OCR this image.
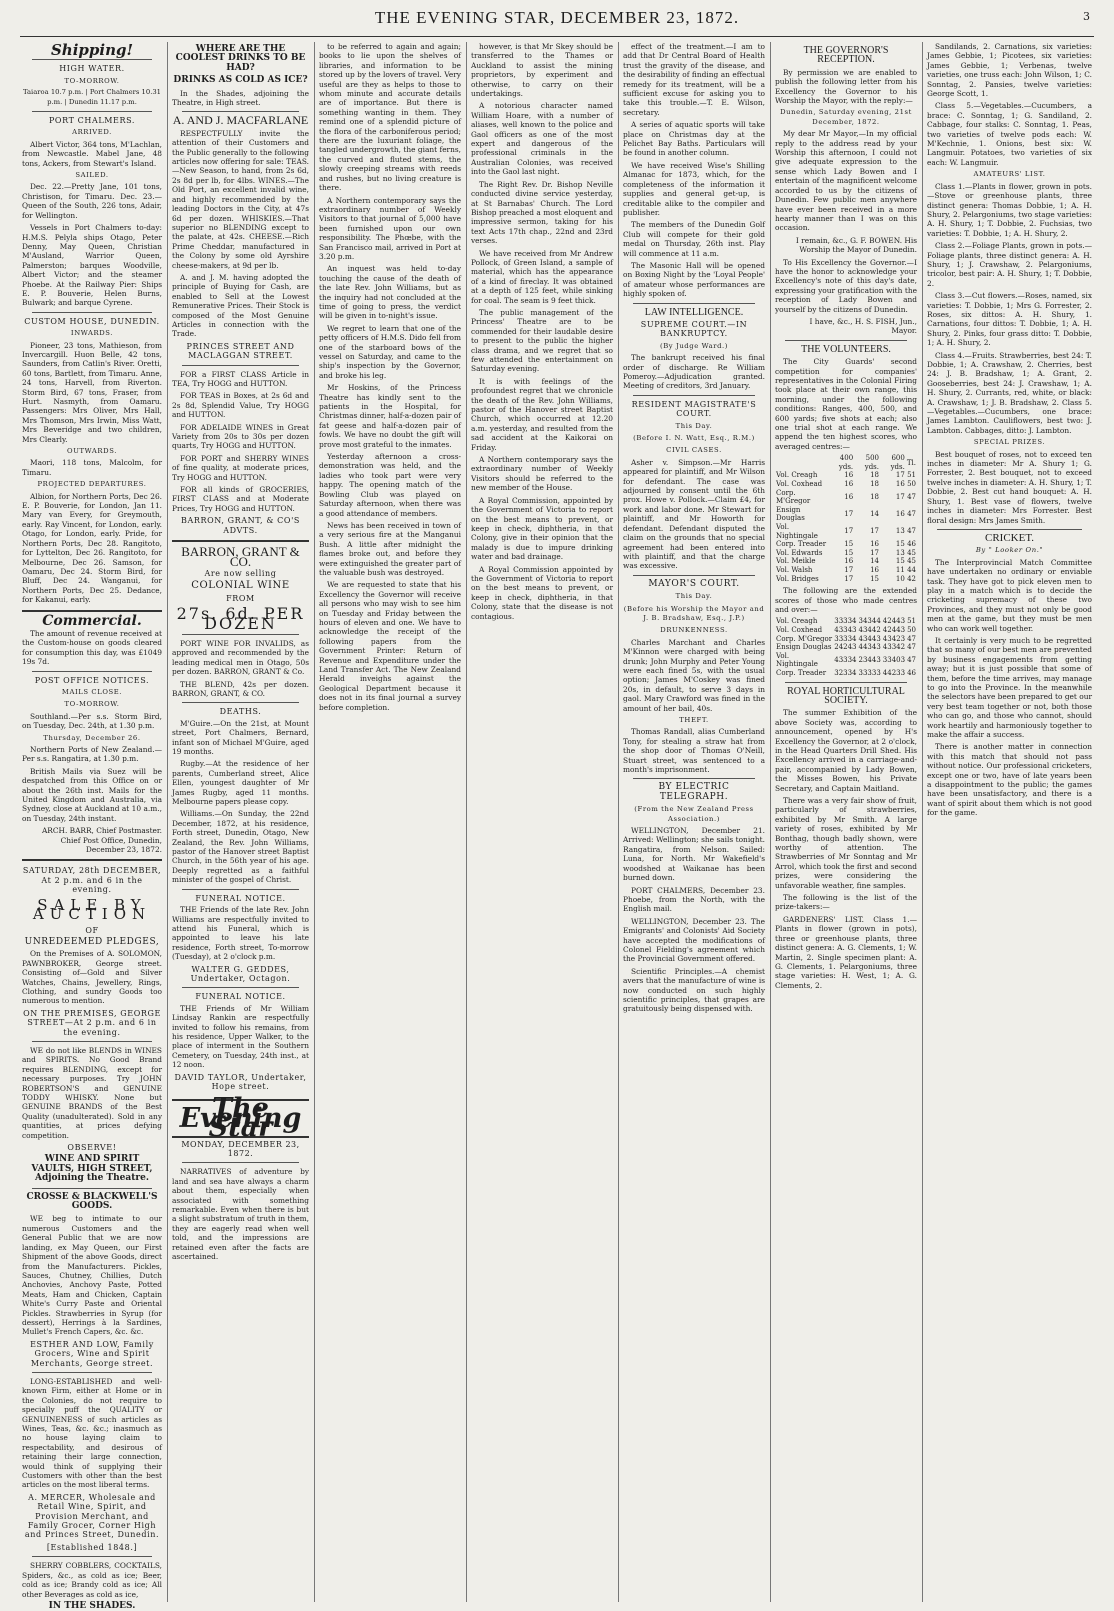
THE EVENING STAR, DECEMBER 23, 1872.	3
Shipping!
HIGH WATER.
TO-MORROW.

Taiaroa 10.7 p.m. | Port Chalmers 10.31 p.m. | Dunedin 11.17 p.m.

PORT CHALMERS.
ARRIVED.

Albert Victor, 364 tons, M'Lachlan, from Newcastle. Mabel Jane, 48 tons, Ackers, from Stewart's Island.

SAILED.

Dec. 22.—Pretty Jane, 101 tons, Christison, for Timaru. Dec. 23.—Queen of the South, 226 tons, Adair, for Wellington.

Vessels in Port Chalmers to-day: H.M.S. Pelyla ships Otago, Peter Denny, May Queen, Christian M'Ausland, Warrior Queen, Palmerston; barques Woodville, Albert Victor; and the steamer Phoebe. At the Railway Pier: Ships E. P. Bouverie, Helen Burns, Bulwark; and barque Cyrene.

CUSTOM HOUSE, DUNEDIN.
INWARDS.

Pioneer, 23 tons, Mathieson, from Invercargill. Huon Belle, 42 tons, Saunders, from Catlin's River. Oretti, 60 tons, Bartlett, from Timaru. Anne, 24 tons, Harvell, from Riverton. Storm Bird, 67 tons, Fraser, from Hurt. Nasmyth, from Oamaru. Passengers: Mrs Oliver, Mrs Hall, Mrs Thomson, Mrs Irwin, Miss Watt, Mrs Beveridge and two children, Mrs Clearly.

OUTWARDS.

Maori, 118 tons, Malcolm, for Timaru.

PROJECTED DEPARTURES.

Albion, for Northern Ports, Dec 26. E. P. Bouverie, for London, Jan 11. Mary van Every, for Greymouth, early. Ray Vincent, for London, early. Otago, for London, early. Pride, for Northern Ports, Dec 28. Rangitoto, for Lyttelton, Dec 26. Rangitoto, for Melbourne, Dec 26. Samson, for Oamaru, Dec 24. Storm Bird, for Bluff, Dec 24. Wanganui, for Northern Ports, Dec 25. Dedance, for Kakanui, early.

Commercial.

The amount of revenue received at the Custom-house on goods cleared for consumption this day, was £1049 19s 7d.

POST OFFICE NOTICES.
MAILS CLOSE.
TO-MORROW.

Southland.—Per s.s. Storm Bird, on Tuesday, Dec. 24th, at 1.30 p.m.

Thursday, December 26.

Northern Ports of New Zealand.—Per s.s. Rangatira, at 1.30 p.m.

British Mails via Suez will be despatched from this Office on or about the 26th inst. Mails for the United Kingdom and Australia, via Sydney, close at Auckland at 10 a.m., on Tuesday, 24th instant.

ARCH. BARR, Chief Postmaster. Chief Post Office, Dunedin, December 23, 1872.

SATURDAY, 28th DECEMBER, At 2 p.m. and 6 in the evening.
SALE BY AUCTION
OF
UNREDEEMED PLEDGES,

On the Premises of A. SOLOMON, PAWNBROKER, George street. Consisting of—Gold and Silver Watches, Chains, Jewellery, Rings, Clothing, and sundry Goods too numerous to mention.

ON THE PREMISES, GEORGE STREET—At 2 p.m. and 6 in the evening.

WE do not like BLENDS in WINES and SPIRITS. No Good Brand requires BLENDING, except for necessary purposes. Try JOHN ROBERTSON'S and GENUINE TODDY WHISKY. None but GENUINE BRANDS of the Best Quality (unadulterated). Sold in any quantities, at prices defying competition.

OBSERVE!
WINE AND SPIRIT VAULTS, HIGH STREET, Adjoining the Theatre.
CROSSE & BLACKWELL'S GOODS.

WE beg to intimate to our numerous Customers and the General Public that we are now landing, ex May Queen, our First Shipment of the above Goods, direct from the Manufacturers. Pickles, Sauces, Chutney, Chillies, Dutch Anchovies, Anchovy Paste, Potted Meats, Ham and Chicken, Captain White's Curry Paste and Oriental Pickles. Strawberries in Syrup (for dessert), Herrings à la Sardines, Mullet's French Capers, &c. &c.

ESTHER AND LOW, Family Grocers, Wine and Spirit Merchants, George street.

LONG-ESTABLISHED and well-known Firm, either at Home or in the Colonies, do not require to specially puff the QUALITY or GENUINENESS of such articles as Wines, Teas, &c. &c.; inasmuch as no house laying claim to respectability, and desirous of retaining their large connection, would think of supplying their Customers with other than the best articles on the most liberal terms.

A. MERCER, Wholesale and Retail Wine, Spirit, and Provision Merchant, and Family Grocer, Corner High and Princes Street, Dunedin.
[Established 1848.]

SHERRY COBBLERS, COCKTAILS, Spiders, &c., as cold as ice; Beer, cold as ice; Brandy cold as ice; All other Beverages as cold as ice,

IN THE SHADES.
WHERE ARE THE COOLEST DRINKS TO BE HAD?
DRINKS AS COLD AS ICE?

In the Shades, adjoining the Theatre, in High street.

A. AND J. MACFARLANE

RESPECTFULLY invite the attention of their Customers and the Public generally to the following articles now offering for sale: TEAS.—New Season, to hand, from 2s 6d, 2s 8d per lb, for 4lbs. WINES.—The Old Port, an excellent invalid wine, and highly recommended by the leading Doctors in the City, at 47s 6d per dozen. WHISKIES.—That superior no BLENDING except to the palate, at 42s. CHEESE.—Rich Prime Cheddar, manufactured in the Colony by some old Ayrshire cheese-makers, at 9d per lb.

A. and J. M. having adopted the principle of Buying for Cash, are enabled to Sell at the Lowest Remunerative Prices. Their Stock is composed of the Most Genuine Articles in connection with the Trade.

PRINCES STREET AND MACLAGGAN STREET.

FOR a FIRST CLASS Article in TEA, Try HOGG and HUTTON.

FOR TEAS in Boxes, at 2s 6d and 2s 8d, Splendid Value, Try HOGG and HUTTON.

FOR ADELAIDE WINES in Great Variety from 20s to 30s per dozen quarts, Try HOGG and HUTTON.

FOR PORT and SHERRY WINES of fine quality, at moderate prices, Try HOGG and HUTTON.

FOR all kinds of GROCERIES, FIRST CLASS and at Moderate Prices, Try HOGG and HUTTON.

BARRON, GRANT, & CO'S ADVTS.
BARRON, GRANT & CO.
Are now selling
COLONIAL WINE
FROM
27s. 6d. PER DOZEN

PORT WINE FOR INVALIDS, as approved and recommended by the leading medical men in Otago, 50s per dozen. BARRON, GRANT & Co.

THE BLEND, 42s per dozen. BARRON, GRANT, & CO.

DEATHS.

M'Guire.—On the 21st, at Mount street, Port Chalmers, Bernard, infant son of Michael M'Guire, aged 19 months.

Rugby.—At the residence of her parents, Cumberland street, Alice Ellen, youngest daughter of Mr James Rugby, aged 11 months. Melbourne papers please copy.

Williams.—On Sunday, the 22nd December, 1872, at his residence, Forth street, Dunedin, Otago, New Zealand, the Rev. John Williams, pastor of the Hanover street Baptist Church, in the 56th year of his age. Deeply regretted as a faithful minister of the gospel of Christ.

FUNERAL NOTICE.

THE Friends of the late Rev. John Williams are respectfully invited to attend his Funeral, which is appointed to leave his late residence, Forth street, To-morrow (Tuesday), at 2 o'clock p.m.

WALTER G. GEDDES, Undertaker, Octagon.
FUNERAL NOTICE.

THE Friends of Mr William Lindsay Rankin are respectfully invited to follow his remains, from his residence, Upper Walker, to the place of interment in the Southern Cemetery, on Tuesday, 24th inst., at 12 noon.

DAVID TAYLOR, Undertaker, Hope street.
The Evening Star
MONDAY, DECEMBER 23, 1872.

NARRATIVES of adventure by land and sea have always a charm about them, especially when associated with something remarkable. Even when there is but a slight substratum of truth in them, they are eagerly read when well told, and the impressions are retained even after the facts are ascertained.

to be referred to again and again; books to lie upon the shelves of libraries, and information to be stored up by the lovers of travel. Very useful are they as helps to those to whom minute and accurate details are of importance. But there is something wanting in them. They remind one of a splendid picture of the flora of the carboniferous period; there are the luxuriant foliage, the tangled undergrowth, the giant ferns, the curved and fluted stems, the slowly creeping streams with reeds and rushes, but no living creature is there.

A Northern contemporary says the extraordinary number of Weekly Visitors to that journal of 5,000 have been furnished upon our own responsibility. The Phœbe, with the San Francisco mail, arrived in Port at 3.20 p.m.

An inquest was held to-day touching the cause of the death of the late Rev. John Williams, but as the inquiry had not concluded at the time of going to press, the verdict will be given in to-night's issue.

We regret to learn that one of the petty officers of H.M.S. Dido fell from one of the starboard bows of the vessel on Saturday, and came to the ship's inspection by the Governor, and broke his leg.

Mr Hoskins, of the Princess Theatre has kindly sent to the patients in the Hospital, for Christmas dinner, half-a-dozen pair of fat geese and half-a-dozen pair of fowls. We have no doubt the gift will prove most grateful to the inmates.

Yesterday afternoon a cross-demonstration was held, and the ladies who took part were very happy. The opening match of the Bowling Club was played on Saturday afternoon, when there was a good attendance of members.

News has been received in town of a very serious fire at the Manganui Bush. A little after midnight the flames broke out, and before they were extinguished the greater part of the valuable bush was destroyed.

We are requested to state that his Excellency the Governor will receive all persons who may wish to see him on Tuesday and Friday between the hours of eleven and one. We have to acknowledge the receipt of the following papers from the Government Printer: Return of Revenue and Expenditure under the Land Transfer Act. The New Zealand Herald inveighs against the Geological Department because it does not in its final journal a survey before completion.

however, is that Mr Skey should be transferred to the Thames or Auckland to assist the mining proprietors, by experiment and otherwise, to carry on their undertakings.

A notorious character named William Hoare, with a number of aliases, well known to the police and Gaol officers as one of the most expert and dangerous of the professional criminals in the Australian Colonies, was received into the Gaol last night.

The Right Rev. Dr. Bishop Neville conducted divine service yesterday, at St Barnabas' Church. The Lord Bishop preached a most eloquent and impressive sermon, taking for his text Acts 17th chap., 22nd and 23rd verses.

We have received from Mr Andrew Pollock, of Green Island, a sample of material, which has the appearance of a kind of fireclay. It was obtained at a depth of 125 feet, while sinking for coal. The seam is 9 feet thick.

The public management of the Princess' Theatre are to be commended for their laudable desire to present to the public the higher class drama, and we regret that so few attended the entertainment on Saturday evening.

It is with feelings of the profoundest regret that we chronicle the death of the Rev. John Williams, pastor of the Hanover street Baptist Church, which occurred at 12.20 a.m. yesterday, and resulted from the sad accident at the Kaikorai on Friday.

A Northern contemporary says the extraordinary number of Weekly Visitors should be referred to the new member of the House.

A Royal Commission, appointed by the Government of Victoria to report on the best means to prevent, or keep in check, diphtheria, in that Colony, give in their opinion that the malady is due to impure drinking water and bad drainage.

A Royal Commission appointed by the Government of Victoria to report on the best means to prevent, or keep in check, diphtheria, in that Colony, state that the disease is not contagious.

effect of the treatment.—I am to add that Dr Central Board of Health trust the gravity of the disease, and the desirability of finding an effectual remedy for its treatment, will be a sufficient excuse for asking you to take this trouble.—T. E. Wilson, secretary.

A series of aquatic sports will take place on Christmas day at the Pelichet Bay Baths. Particulars will be found in another column.

We have received Wise's Shilling Almanac for 1873, which, for the completeness of the information it supplies and general get-up, is creditable alike to the compiler and publisher.

The members of the Dunedin Golf Club will compete for their gold medal on Thursday, 26th inst. Play will commence at 11 a.m.

The Masonic Hall will be opened on Boxing Night by the 'Loyal People' of amateur whose performances are highly spoken of.

LAW INTELLIGENCE.
SUPREME COURT.—IN BANKRUPTCY.
(By Judge Ward.)

The bankrupt received his final order of discharge. Re William Pomeroy.—Adjudication granted. Meeting of creditors, 3rd January.

RESIDENT MAGISTRATE'S COURT.
This Day.
(Before I. N. Watt, Esq., R.M.)
CIVIL CASES.

Asher v. Simpson.—Mr Harris appeared for plaintiff, and Mr Wilson for defendant. The case was adjourned by consent until the 6th prox. Howe v. Pollock.—Claim £4, for work and labor done. Mr Stewart for plaintiff, and Mr Howorth for defendant. Defendant disputed the claim on the grounds that no special agreement had been entered into with plaintiff, and that the charge was excessive.

MAYOR'S COURT.
This Day.
(Before his Worship the Mayor and J. B. Bradshaw, Esq., J.P.)
DRUNKENNESS.

Charles Marchant and Charles M'Kinnon were charged with being drunk; John Murphy and Peter Young were each fined 5s, with the usual option; James M'Coskey was fined 20s, in default, to serve 3 days in gaol. Mary Crawford was fined in the amount of her bail, 40s.

THEFT.

Thomas Randall, alias Cumberland Tony, for stealing a straw hat from the shop door of Thomas O'Neill, Stuart street, was sentenced to a month's imprisonment.

BY ELECTRIC TELEGRAPH.
(From the New Zealand Press Association.)

WELLINGTON, December 21. Arrived: Wellington; she sails tonight. Rangatira, from Nelson. Sailed: Luna, for North. Mr Wakefield's woodshed at Waikanae has been burned down.

PORT CHALMERS, December 23. Phoebe, from the North, with the English mail.

WELLINGTON, December 23. The Emigrants' and Colonists' Aid Society have accepted the modifications of Colonel Fielding's agreement which the Provincial Government offered.

Scientific Principles.—A chemist avers that the manufacture of wine is now conducted on such highly scientific principles, that grapes are gratuitously being dispensed with.

THE GOVERNOR'S RECEPTION.

By permission we are enabled to publish the following letter from his Excellency the Governor to his Worship the Mayor, with the reply:—

Dunedin, Saturday evening, 21st December, 1872.

My dear Mr Mayor,—In my official reply to the address read by your Worship this afternoon, I could not give adequate expression to the sense which Lady Bowen and I entertain of the magnificent welcome accorded to us by the citizens of Dunedin. Few public men anywhere have ever been received in a more hearty manner than I was on this occasion.

I remain, &c., G. F. BOWEN. His Worship the Mayor of Dunedin.

To His Excellency the Governor.—I have the honor to acknowledge your Excellency's note of this day's date, expressing your gratification with the reception of Lady Bowen and yourself by the citizens of Dunedin.

I have, &c., H. S. FISH, Jun., Mayor.

THE VOLUNTEERS.

The City Guards' second competition for companies' representatives in the Colonial Firing took place at their own range, this morning, under the following conditions: Ranges, 400, 500, and 600 yards; five shots at each; also one trial shot at each range. We append the ten highest scores, who averaged centres:—

	400 yds.	500 yds.	600 yds.	Tl.
Vol. Creagh	16	18	17	51
Vol. Coxhead	16	18	16	50
Corp. M'Gregor	16	18	17	47
Ensign Douglas	17	14	16	47
Vol. Nightingale	17	17	13	47
Corp. Treader	15	16	15	46
Vol. Edwards	15	17	13	45
Vol. Meikle	16	14	15	45
Vol. Walsh	17	16	11	44
Vol. Bridges	17	15	10	42

The following are the extended scores of those who made centres and over:—

Vol. Creagh	33334	34344	42443	51
Vol. Coxhead	43343	43442	42443	50
Corp. M'Gregor	33334	43443	43423	47
Ensign Douglas	24243	44343	43342	47
Vol. Nightingale	43334	23443	33403	47
Corp. Treader	32334	33333	44233	46
ROYAL HORTICULTURAL SOCIETY.

The summer Exhibition of the above Society was, according to announcement, opened by H's Excellency the Governor, at 2 o'clock, in the Head Quarters Drill Shed. His Excellency arrived in a carriage-and-pair, accompanied by Lady Bowen, the Misses Bowen, his Private Secretary, and Captain Maitland.

There was a very fair show of fruit, particularly of strawberries, exhibited by Mr Smith. A large variety of roses, exhibited by Mr Bonthag, though badly shown, were worthy of attention. The Strawberries of Mr Sonntag and Mr Arrol, which took the first and second prizes, were considering the unfavorable weather, fine samples.

The following is the list of the prize-takers:—

GARDENERS' LIST. Class 1.—Plants in flower (grown in pots), three or greenhouse plants, three distinct genera: A. G. Clements, 1; W. Martin, 2. Single specimen plant: A. G. Clements, 1. Pelargoniums, three stage varieties: H. West, 1; A. G. Clements, 2.

Sandilands, 2. Carnations, six varieties: James Gebbie, 1; Picotees, six varieties: James Gebbie, 1; Verbenas, twelve varieties, one truss each: John Wilson, 1; C. Sonntag, 2. Pansies, twelve varieties: George Scott, 1.

Class 5.—Vegetables.—Cucumbers, a brace: C. Sonntag, 1; G. Sandiland, 2. Cabbage, four stalks: C. Sonntag, 1. Peas, two varieties of twelve pods each: W. M'Kechnie, 1. Onions, best six: W. Langmuir. Potatoes, two varieties of six each: W. Langmuir.

AMATEURS' LIST.

Class 1.—Plants in flower, grown in pots.—Stove or greenhouse plants, three distinct genera: Thomas Dobbie, 1; A. H. Shury, 2. Pelargoniums, two stage varieties: A. H. Shury, 1; T. Dobbie, 2. Fuchsias, two varieties: T. Dobbie, 1; A. H. Shury, 2.

Class 2.—Foliage Plants, grown in pots.—Foliage plants, three distinct genera: A. H. Shury, 1; J. Crawshaw, 2. Pelargoniums, tricolor, best pair: A. H. Shury, 1; T. Dobbie, 2.

Class 3.—Cut flowers.—Roses, named, six varieties: T. Dobbie, 1; Mrs G. Forrester, 2. Roses, six dittos: A. H. Shury, 1. Carnations, four dittos: T. Dobbie, 1; A. H. Shury, 2. Pinks, four grass ditto: T. Dobbie, 1; A. H. Shury, 2.

Class 4.—Fruits. Strawberries, best 24: T. Dobbie, 1; A. Crawshaw, 2. Cherries, best 24: J. B. Bradshaw, 1; A. Grant, 2. Gooseberries, best 24: J. Crawshaw, 1; A. H. Shury, 2. Currants, red, white, or black: A. Crawshaw, 1; J. B. Bradshaw, 2. Class 5.—Vegetables.—Cucumbers, one brace: James Lambton. Cauliflowers, best two: J. Lambton. Cabbages, ditto: J. Lambton.

SPECIAL PRIZES.

Best bouquet of roses, not to exceed ten inches in diameter: Mr A. Shury 1; G. Forrester, 2. Best bouquet, not to exceed twelve inches in diameter: A. H. Shury, 1; T. Dobbie, 2. Best cut hand bouquet: A. H. Shury, 1. Best vase of flowers, twelve inches in diameter: Mrs Forrester. Best floral design: Mrs James Smith.

CRICKET.
By " Looker On."

The Interprovincial Match Committee have undertaken no ordinary or enviable task. They have got to pick eleven men to play in a match which is to decide the cricketing supremacy of these two Provinces, and they must not only be good men at the game, but they must be men who can work well together.

It certainly is very much to be regretted that so many of our best men are prevented by business engagements from getting away; but it is just possible that some of them, before the time arrives, may manage to go into the Province. In the meanwhile the selectors have been prepared to get our very best team together or not, both those who can go, and those who cannot, should work heartily and harmoniously together to make the affair a success.

There is another matter in connection with this match that should not pass without notice. Our professional cricketers, except one or two, have of late years been a disappointment to the public; the games have been unsatisfactory, and there is a want of spirit about them which is not good for the game.
